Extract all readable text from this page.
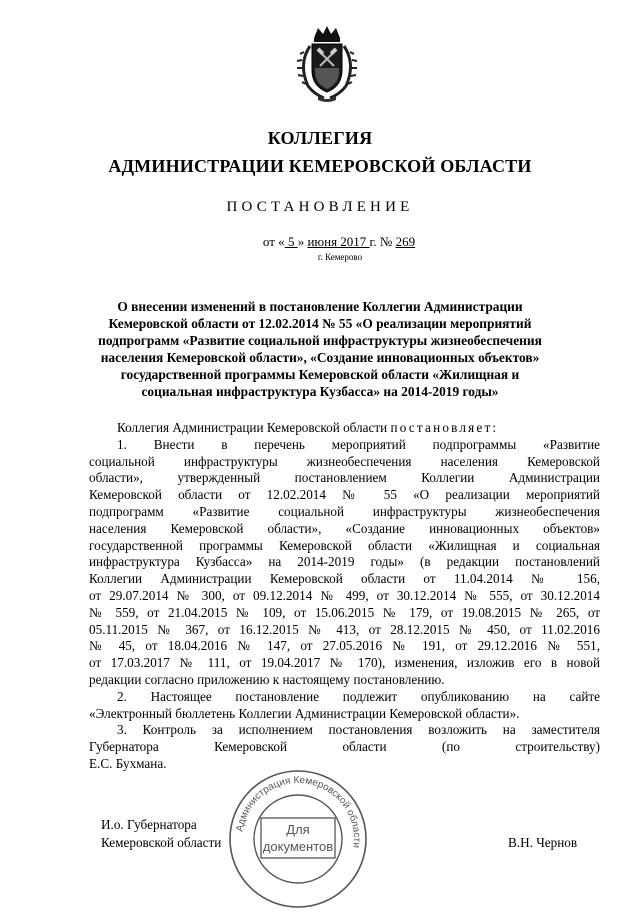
КОЛЛЕГИЯ
АДМИНИСТРАЦИИ КЕМЕРОВСКОЙ ОБЛАСТИ
ПОСТАНОВЛЕНИЕ
от « 5 » июня 2017 г. № 269
г. Кемерово
О внесении изменений в постановление Коллегии Администрации
Кемеровской области от 12.02.2014 № 55 «О реализации мероприятий
подпрограмм «Развитие социальной инфраструктуры жизнеобеспечения
населения Кемеровской области», «Создание инновационных объектов»
государственной программы Кемеровской области «Жилищная и
социальная инфраструктура Кузбасса» на 2014-2019 годы»
Коллегия Администрации Кемеровской области постановляет:
1. Внести в перечень мероприятий подпрограммы «Развитие
социальной инфраструктуры жизнеобеспечения населения Кемеровской
области», утвержденный постановлением Коллегии Администрации
Кемеровской области от 12.02.2014 № 55 «О реализации мероприятий
подпрограмм «Развитие социальной инфраструктуры жизнеобеспечения
населения Кемеровской области», «Создание инновационных объектов»
государственной программы Кемеровской области «Жилищная и социальная
инфраструктура Кузбасса» на 2014-2019 годы» (в редакции постановлений
Коллегии Администрации Кемеровской области от 11.04.2014 № 156,
от 29.07.2014 № 300, от 09.12.2014 № 499, от 30.12.2014 № 555, от 30.12.2014
№ 559, от 21.04.2015 № 109, от 15.06.2015 № 179, от 19.08.2015 № 265, от
05.11.2015 № 367, от 16.12.2015 № 413, от 28.12.2015 № 450, от 11.02.2016
№ 45, от 18.04.2016 № 147, от 27.05.2016 № 191, от 29.12.2016 № 551,
от 17.03.2017 № 111, от 19.04.2017 № 170), изменения, изложив его в новой
редакции согласно приложению к настоящему постановлению.
2. Настоящее постановление подлежит опубликованию на сайте
«Электронный бюллетень Коллегии Администрации Кемеровской области».
3. Контроль за исполнением постановления возложить на заместителя
Губернатора Кемеровской области (по строительству)
Е.С. Бухмана.
И.о. Губернатора
Кемеровской области	В.Н. Чернов
Администрация Кемеровской области
Для
документов
